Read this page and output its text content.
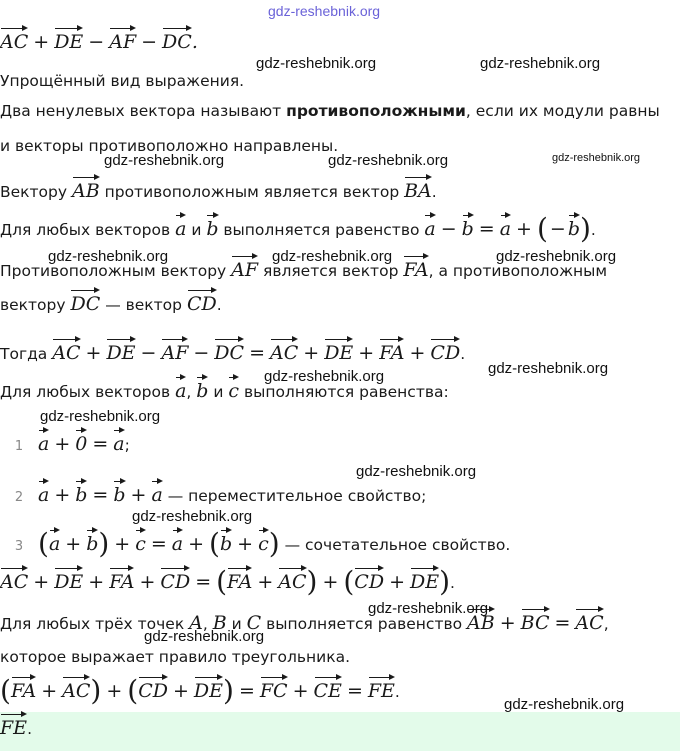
AC + DE − AF − DC.
Упрощённый вид выражения.
Два ненулевых вектора называют противоположными, если их модули равны
и векторы противоположно направлены.
Вектору AB противоположным является вектор BA.
Для любых векторов a и b выполняется равенство a − b = a + ( − b).
Противоположным вектору AF является вектор FA, а противоположным
вектору DC — вектор CD.
Тогда AC + DE − AF − DC = AC + DE + FA + CD.
Для любых векторов a, b и c выполняются равенства:
1 a + 0 = a;
2 a + b = b + a — переместительное свойство;
3 (a + b) + c = a + (b + c) — сочетательное свойство.
AC + DE + FA + CD = (FA + AC) + (CD + DE).
Для любых трёх точек A, B и C выполняется равенство AB + BC = AC,
которое выражает правило треугольника.
(FA + AC) + (CD + DE) = FC + CE = FE.
FE.
gdz-reshebnik.org
gdz-reshebnik.org	gdz-reshebnik.org
gdz-reshebnik.org	gdz-reshebnik.org	gdz-reshebnik.org
gdz-reshebnik.org	gdz-reshebnik.org	gdz-reshebnik.org
gdz-reshebnik.org	gdz-reshebnik.org
gdz-reshebnik.org
gdz-reshebnik.org
gdz-reshebnik.org
gdz-reshebnik.org
gdz-reshebnik.org
gdz-reshebnik.org
